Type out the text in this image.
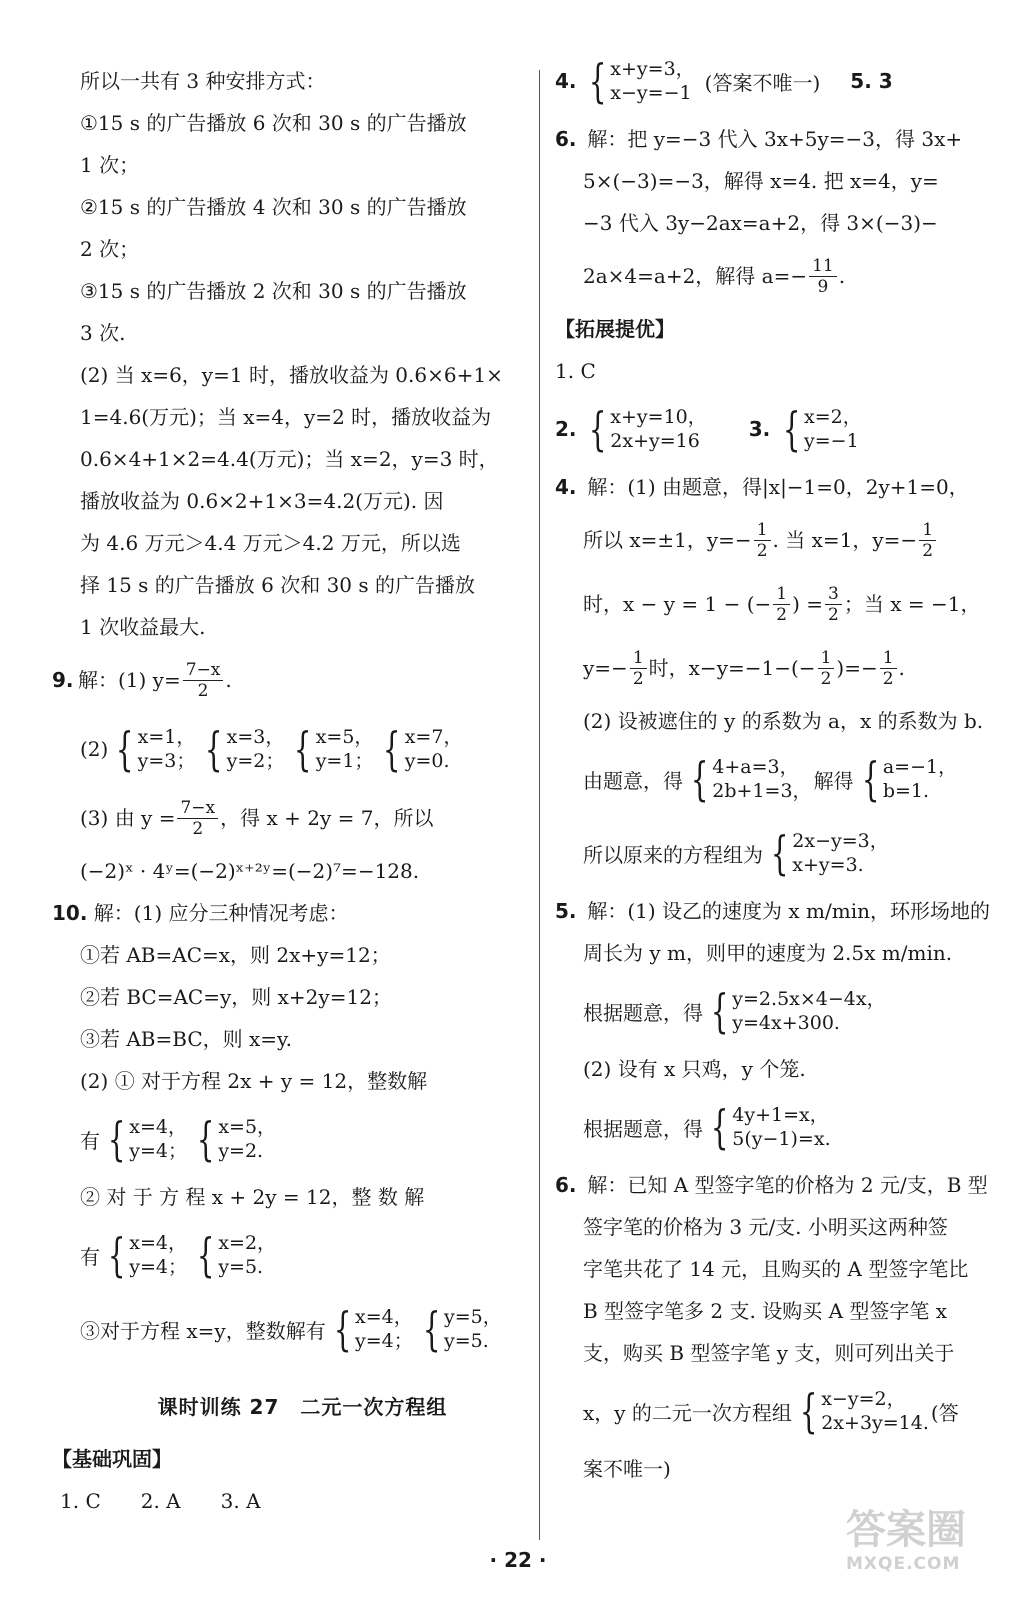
所以一共有 3 种安排方式：
①15 s 的广告播放 6 次和 30 s 的广告播放
1 次；
②15 s 的广告播放 4 次和 30 s 的广告播放
2 次；
③15 s 的广告播放 2 次和 30 s 的广告播放
3 次.
(2) 当 x=6，y=1 时，播放收益为 0.6×6+1×
1=4.6(万元)；当 x=4，y=2 时，播放收益为
0.6×4+1×2=4.4(万元)；当 x=2，y=3 时，
播放收益为 0.6×2+1×3=4.2(万元). 因
为 4.6 万元＞4.4 万元＞4.2 万元，所以选
择 15 s 的广告播放 6 次和 30 s 的广告播放
1 次收益最大.
9. 解：(1) $y= \frac{7-x}{2}$ .
(2) { x=1，
y=3； { x=3，
y=2； { x=5，
y=1； { x=7，
y=0.
(3) 由 $y = \frac{7-x}{2}$ ，得 x + 2y = 7，所以
(−2)ˣ · 4ʸ=(−2)ˣ⁺²ʸ=(−2)⁷=−128.
10. 解：(1) 应分三种情况考虑：
①若 AB=AC=x，则 2x+y=12；
②若 BC=AC=y，则 x+2y=12；
③若 AB=BC，则 x=y.
(2) ① 对于方程 2x + y = 12，整数解
有 { x=4，
y=4； { x=5，
y=2.
② 对 于 方 程 x + 2y = 12，整 数 解
有 { x=4，
y=4； { x=2，
y=5.
③对于方程 x=y，整数解有 { x=4，
y=4； { y=5，
y=5.
课时训练 27　二元一次方程组
【基础巩固】
1. C　　2. A　　3. A
4. { x+y=3，
x−y=−1 (答案不唯一) 5. 3
6. 解：把 y=−3 代入 3x+5y=−3，得 3x+
5×(−3)=−3，解得 x=4. 把 x=4，y=
−3 代入 3y−2ax=a+2，得 3×(−3)−
2a×4=a+2，解得 $a=- \frac{11}{9}$ .
【拓展提优】
1. C
2. { x+y=10，
2x+y=16	3. { x=2，
y=−1
4. 解：(1) 由题意，得|x|−1=0，2y+1=0，
所以 x=±1，$y=- \frac{1}{2}$ . 当 x=1，$y=- \frac{1}{2}$
时，x − y = 1 − (− $\frac{1}{2}$ ) = $\frac{3}{2}$ ；当 x = −1，
$y=- \frac{1}{2}$ 时，$x-y=-1-(- \frac{1}{2}$ )=− $\frac{1}{2}$ .
(2) 设被遮住的 y 的系数为 a，x 的系数为 b.
由题意，得 { 4+a=3，
2b+1=3， 解得 { a=−1，
b=1.
所以原来的方程组为 { 2x−y=3，
x+y=3.
5. 解：(1) 设乙的速度为 x m/min，环形场地的
周长为 y m，则甲的速度为 2.5x m/min.
根据题意，得 { y=2.5x×4−4x，
y=4x+300.
(2) 设有 x 只鸡，y 个笼.
根据题意，得 { 4y+1=x，
5(y−1)=x.
6. 解：已知 A 型签字笔的价格为 2 元/支，B 型
签字笔的价格为 3 元/支. 小明买这两种签
字笔共花了 14 元，且购买的 A 型签字笔比
B 型签字笔多 2 支. 设购买 A 型签字笔 x
支，购买 B 型签字笔 y 支，则可列出关于
x，y 的二元一次方程组 { x−y=2，
2x+3y=14. (答
案不唯一)
· 22 ·
答案圈
MXQE.COM
